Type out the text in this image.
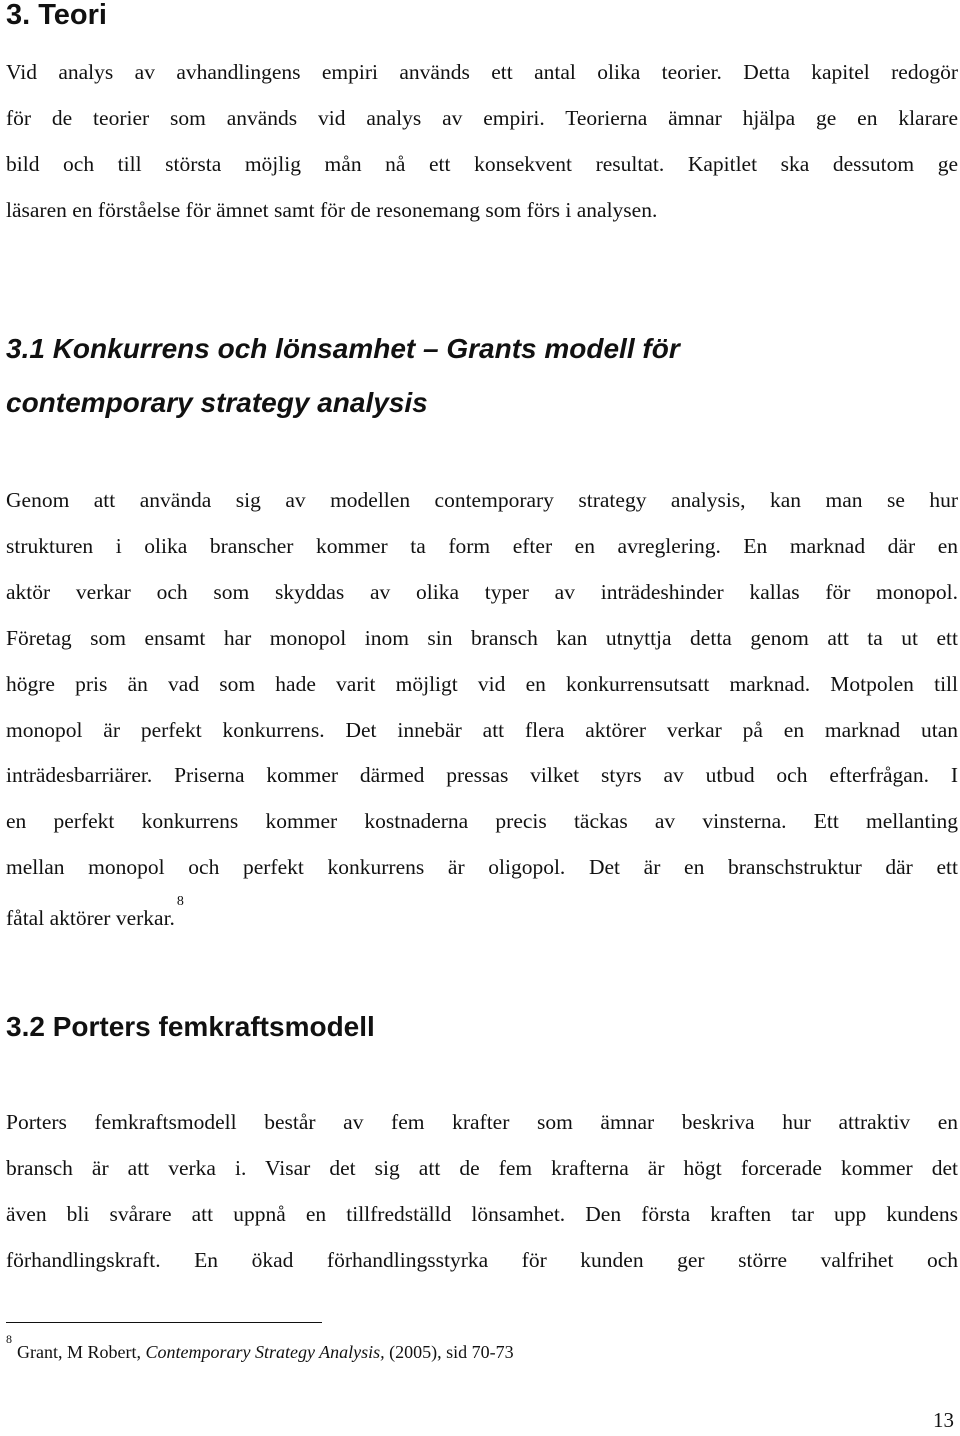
3. Teori

Vid analys av avhandlingens empiri används ett antal olika teorier. Detta kapitel redogör
för de teorier som används vid analys av empiri. Teorierna ämnar hjälpa ge en klarare
bild och till största möjlig mån nå ett konsekvent resultat. Kapitlet ska dessutom ge
läsaren en förståelse för ämnet samt för de resonemang som förs i analysen.

3.1 Konkurrens och lönsamhet – Grants modell för
contemporary strategy analysis

Genom att använda sig av modellen contemporary strategy analysis, kan man se hur
strukturen i olika branscher kommer ta form efter en avreglering. En marknad där en
aktör verkar och som skyddas av olika typer av inträdeshinder kallas för monopol.
Företag som ensamt har monopol inom sin bransch kan utnyttja detta genom att ta ut ett
högre pris än vad som hade varit möjligt vid en konkurrensutsatt marknad. Motpolen till
monopol är perfekt konkurrens. Det innebär att flera aktörer verkar på en marknad utan
inträdesbarriärer. Priserna kommer därmed pressas vilket styrs av utbud och efterfrågan. I
en perfekt konkurrens kommer kostnaderna precis täckas av vinsterna. Ett mellanting
mellan monopol och perfekt konkurrens är oligopol. Det är en branschstruktur där ett
fåtal aktörer verkar.$^8$

3.2 Porters femkraftsmodell

Porters femkraftsmodell består av fem krafter som ämnar beskriva hur attraktiv en
bransch är att verka i. Visar det sig att de fem krafterna är högt forcerade kommer det
även bli svårare att uppnå en tillfredställd lönsamhet. Den första kraften tar upp kundens
förhandlingskraft. En ökad förhandlingsstyrka för kunden ger större valfrihet och

$^8$Grant, M Robert, Contemporary Strategy Analysis, (2005), sid 70-73

13
